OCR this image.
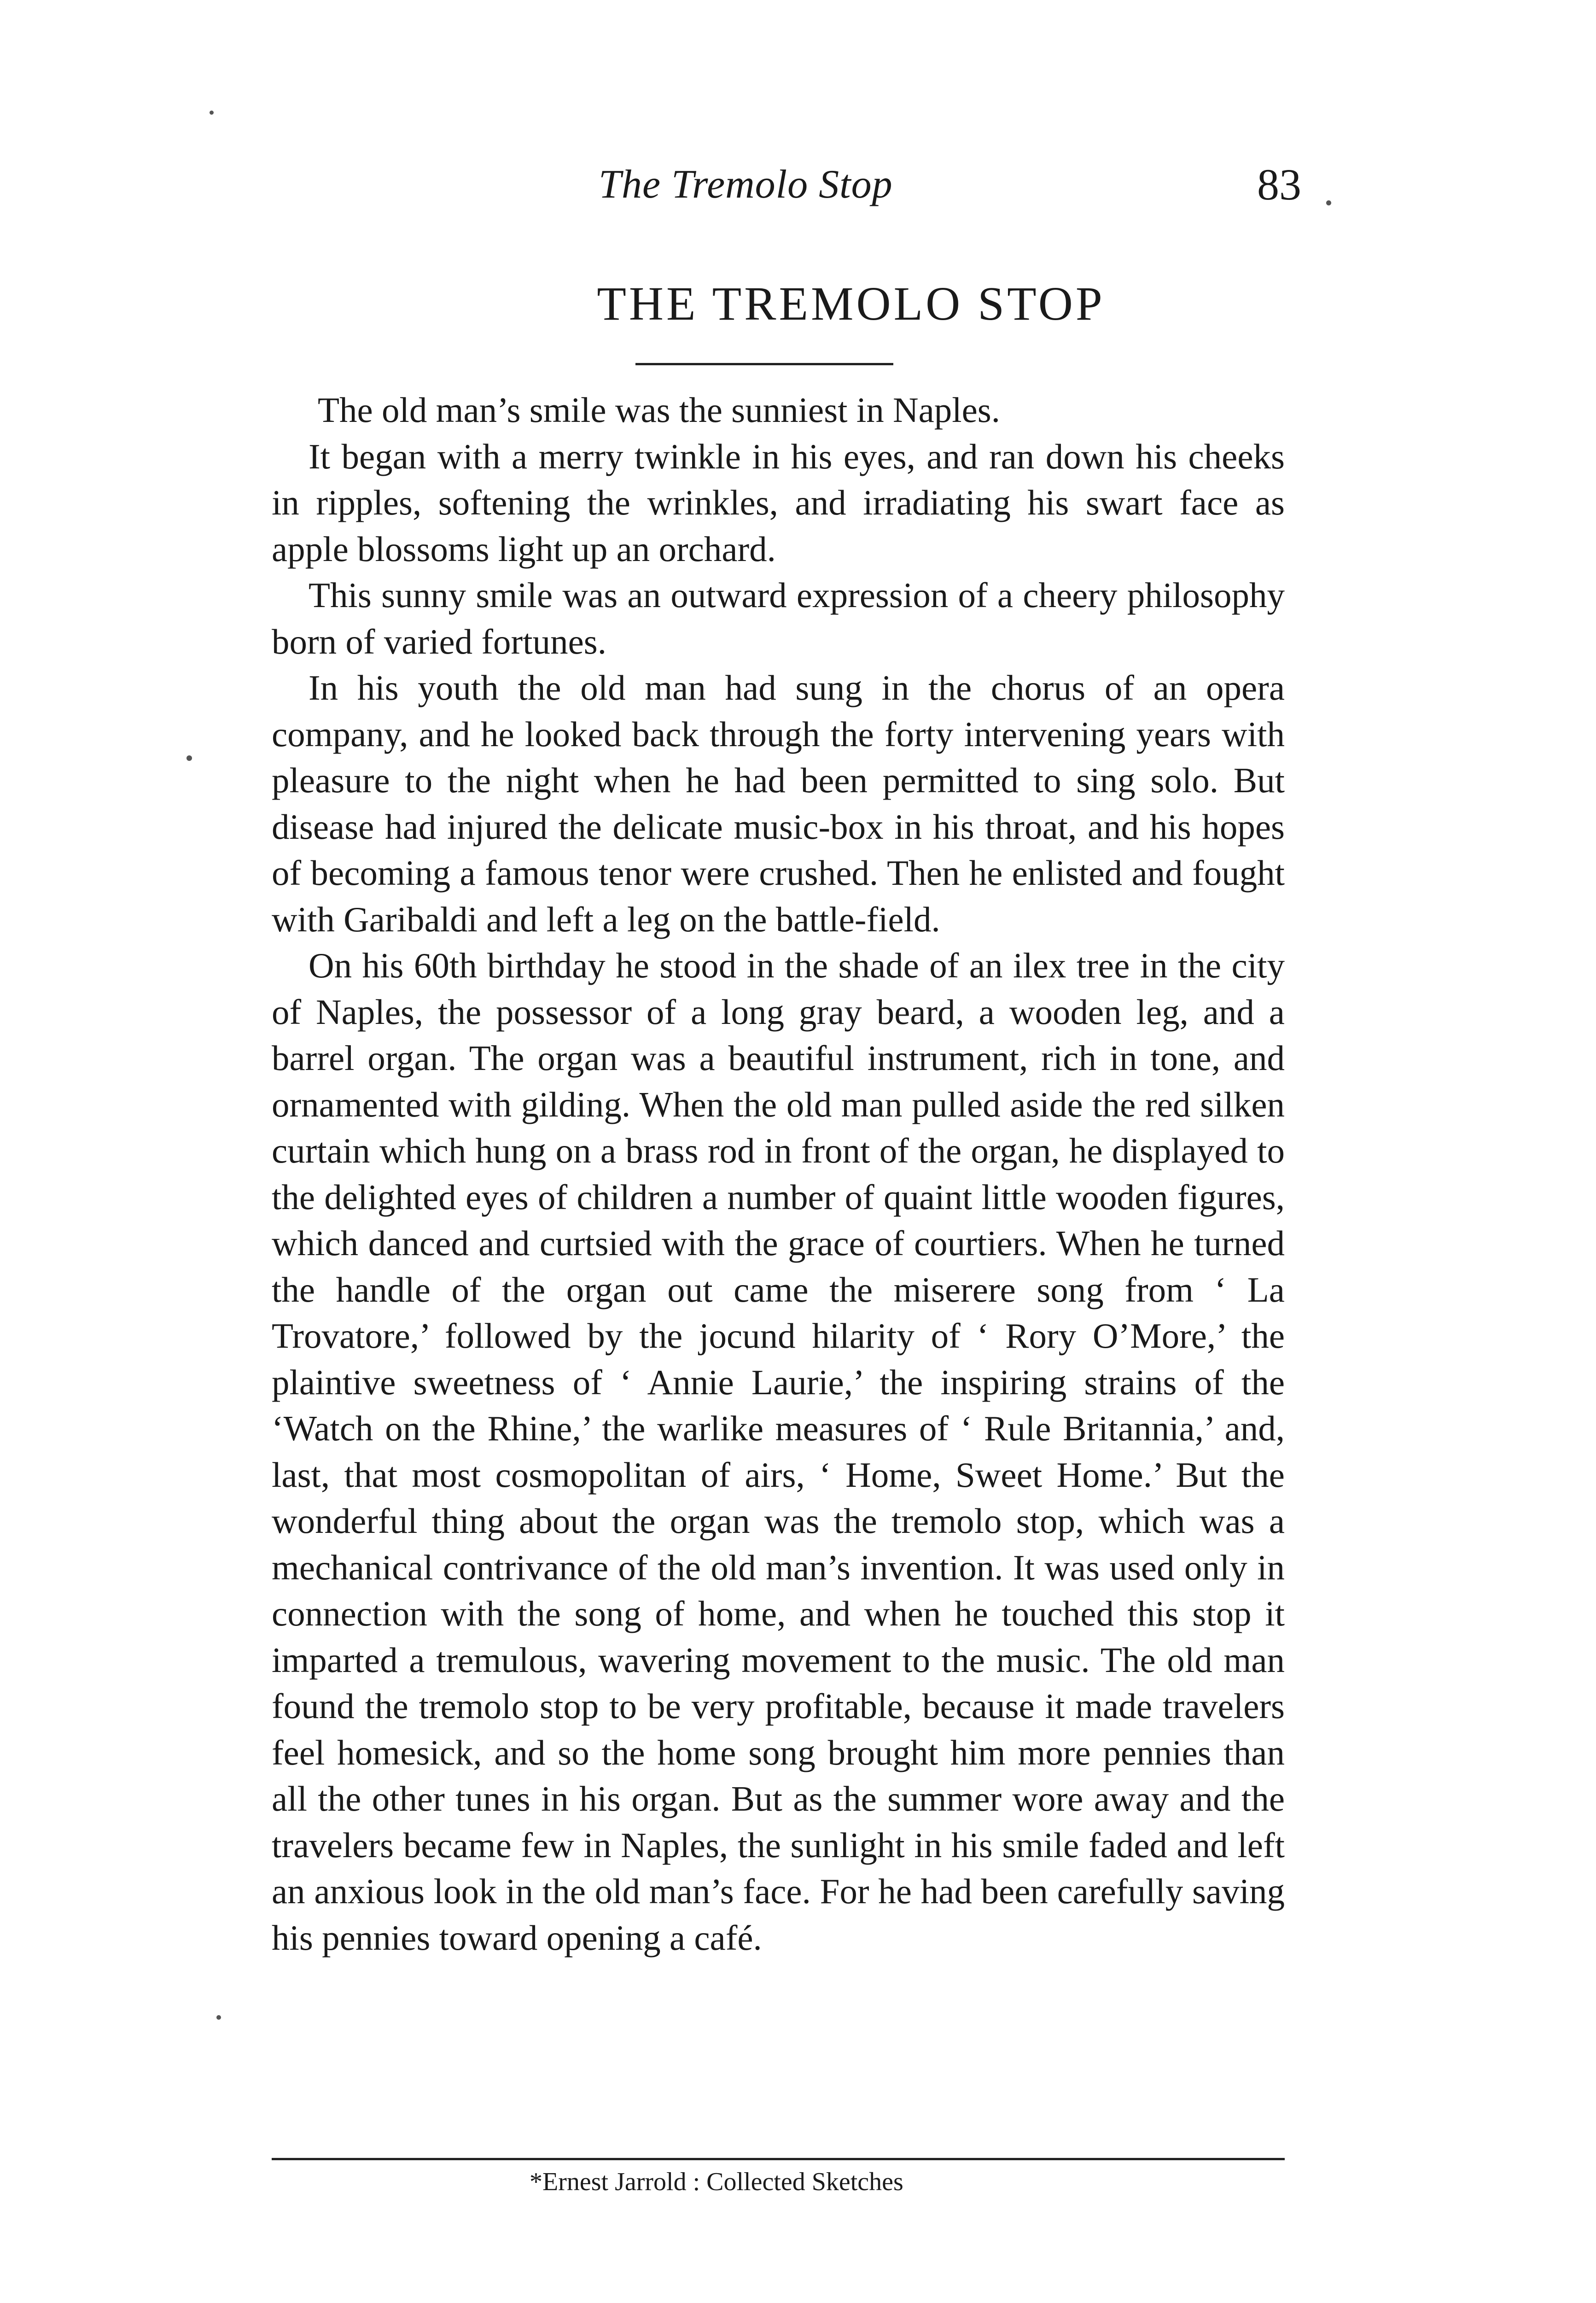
The Tremolo Stop	83
THE TREMOLO STOP

The old man’s smile was the sunniest in Naples.

It began with a merry twinkle in his eyes, and ran down his cheeks in ripples, softening the wrinkles, and irradiating his swart face as apple blossoms light up an orchard.

This sunny smile was an outward expression of a cheery philosophy born of varied fortunes.

In his youth the old man had sung in the chorus of an opera company, and he looked back through the forty intervening years with pleasure to the night when he had been permitted to sing solo. But disease had injured the delicate music-box in his throat, and his hopes of becoming a famous tenor were crushed. Then he enlisted and fought with Garibaldi and left a leg on the battle-field.

On his 60th birthday he stood in the shade of an ilex tree in the city of Naples, the possessor of a long gray beard, a wooden leg, and a barrel organ. The organ was a beautiful instrument, rich in tone, and ornamented with gilding. When the old man pulled aside the red silken curtain which hung on a brass rod in front of the organ, he displayed to the delighted eyes of children a number of quaint little wooden figures, which danced and curtsied with the grace of courtiers. When he turned the handle of the organ out came the miserere song from ‘ La Trovatore,’ followed by the jocund hilarity of ‘ Rory O’More,’ the plaintive sweetness of ‘ Annie Laurie,’ the inspiring strains of the ‘Watch on the Rhine,’ the warlike measures of ‘ Rule Britannia,’ and, last, that most cosmopolitan of airs, ‘ Home, Sweet Home.’ But the wonderful thing about the organ was the tremolo stop, which was a mechanical contrivance of the old man’s invention. It was used only in connection with the song of home, and when he touched this stop it imparted a tremulous, wavering movement to the music. The old man found the tremolo stop to be very profitable, because it made travelers feel homesick, and so the home song brought him more pennies than all the other tunes in his organ. But as the summer wore away and the travelers became few in Naples, the sunlight in his smile faded and left an anxious look in the old man’s face. For he had been carefully saving his pennies toward opening a café.

*Ernest Jarrold : Collected Sketches
